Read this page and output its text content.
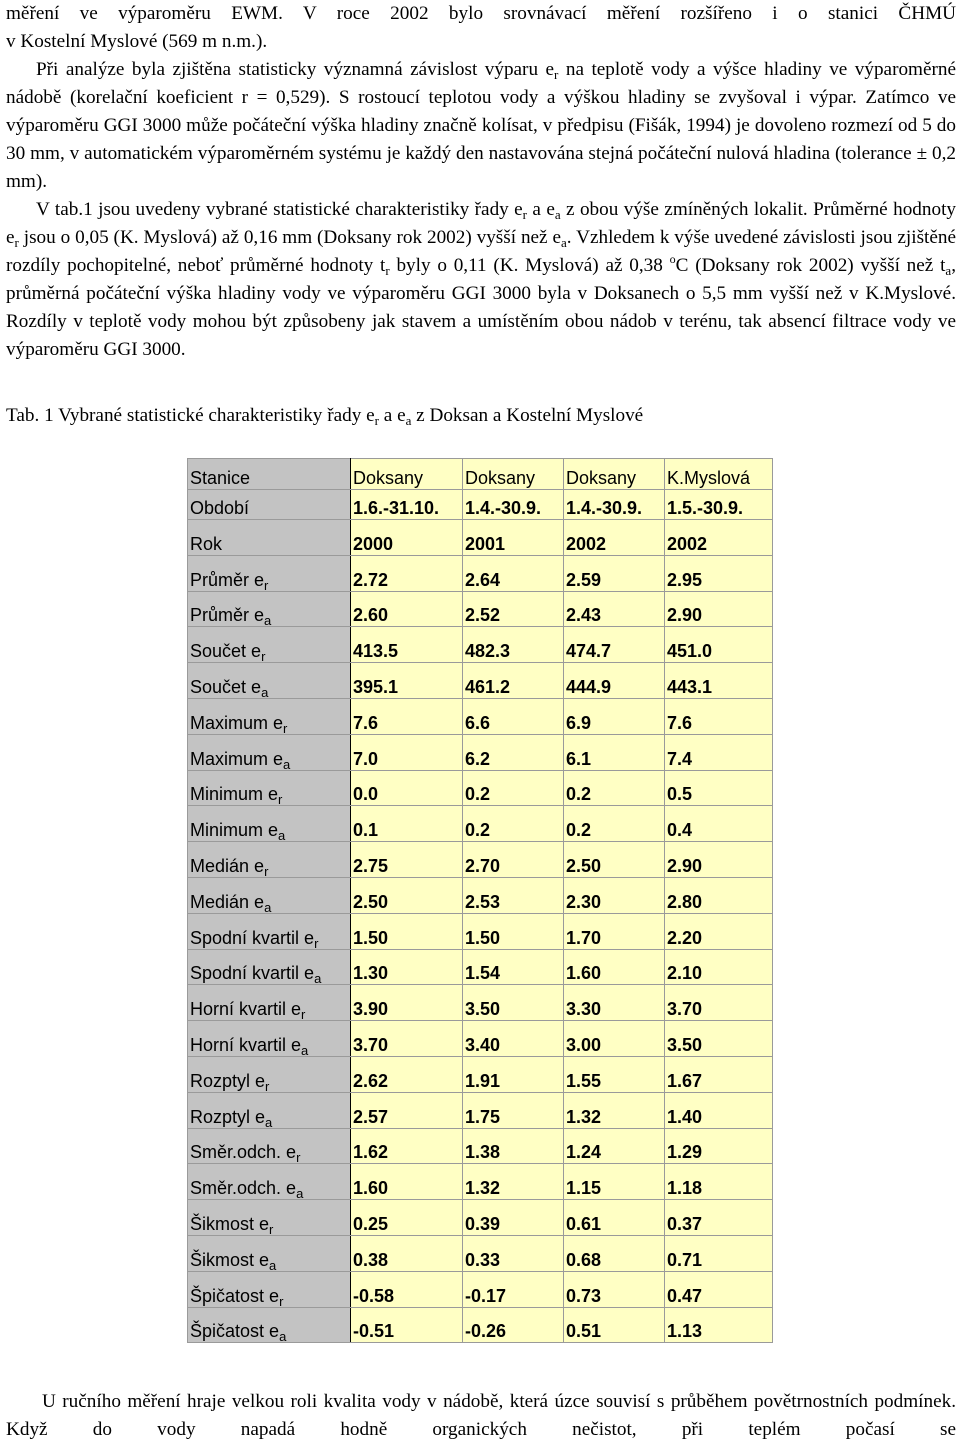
měření ve výparoměru EWM. V roce 2002 bylo srovnávací měření rozšířeno i o stanici ČHMÚ

v Kostelní Myslové (569 m n.m.).

Při analýze byla zjištěna statisticky významná závislost výparu $e_r$ na teplotě vody a výšce hladiny ve výparoměrné nádobě (korelační koeficient r = 0,529). S rostoucí teplotou vody a výškou hladiny se zvyšoval i výpar. Zatímco ve výparoměru GGI 3000 může počáteční výška hladiny značně kolísat, v předpisu (Fišák, 1994) je dovoleno rozmezí od 5 do 30 mm, v automatickém výparoměrném systému je každý den nastavována stejná počáteční nulová hladina (tolerance ± 0,2 mm).

V tab.1 jsou uvedeny vybrané statistické charakteristiky řady $e_r$ a $e_a$ z obou výše zmíněných lokalit. Průměrné hodnoty $e_r$ jsou o 0,05 (K. Myslová) až 0,16 mm (Doksany rok 2002) vyšší než $e_a$. Vzhledem k výše uvedené závislosti jsou zjištěné rozdíly pochopitelné, neboť průměrné hodnoty $t_r$ byly o 0,11 (K. Myslová) až 0,38 $^o$C (Doksany rok 2002) vyšší než $t_a$, průměrná počáteční výška hladiny vody ve výparoměru GGI 3000 byla v Doksanech o 5,5 mm vyšší než v K.Myslové. Rozdíly v teplotě vody mohou být způsobeny jak stavem a umístěním obou nádob v terénu, tak absencí filtrace vody ve výparoměru GGI 3000.

Tab. 1 Vybrané statistické charakteristiky řady $e_r$ a $e_a$ z Doksan a Kostelní Myslové
Stanice	Doksany	Doksany	Doksany	K.Myslová
Období	1.6.-31.10.	1.4.-30.9.	1.4.-30.9.	1.5.-30.9.
Rok	2000	2001	2002	2002
Průměr $e_r$	2.72	2.64	2.59	2.95
Průměr $e_a$	2.60	2.52	2.43	2.90
Součet $e_r$	413.5	482.3	474.7	451.0
Součet $e_a$	395.1	461.2	444.9	443.1
Maximum $e_r$	7.6	6.6	6.9	7.6
Maximum $e_a$	7.0	6.2	6.1	7.4
Minimum $e_r$	0.0	0.2	0.2	0.5
Minimum $e_a$	0.1	0.2	0.2	0.4
Medián $e_r$	2.75	2.70	2.50	2.90
Medián $e_a$	2.50	2.53	2.30	2.80
Spodní kvartil $e_r$	1.50	1.50	1.70	2.20
Spodní kvartil $e_a$	1.30	1.54	1.60	2.10
Horní kvartil $e_r$	3.90	3.50	3.30	3.70
Horní kvartil $e_a$	3.70	3.40	3.00	3.50
Rozptyl $e_r$	2.62	1.91	1.55	1.67
Rozptyl $e_a$	2.57	1.75	1.32	1.40
Směr.odch. $e_r$	1.62	1.38	1.24	1.29
Směr.odch. $e_a$	1.60	1.32	1.15	1.18
Šikmost $e_r$	0.25	0.39	0.61	0.37
Šikmost $e_a$	0.38	0.33	0.68	0.71
Špičatost $e_r$	-0.58	-0.17	0.73	0.47
Špičatost $e_a$	-0.51	-0.26	0.51	1.13

U ručního měření hraje velkou roli kvalita vody v nádobě, která úzce souvisí s průběhem povětrnostních podmínek. Když do vody napadá hodně organických nečistot, při teplém počasí se
